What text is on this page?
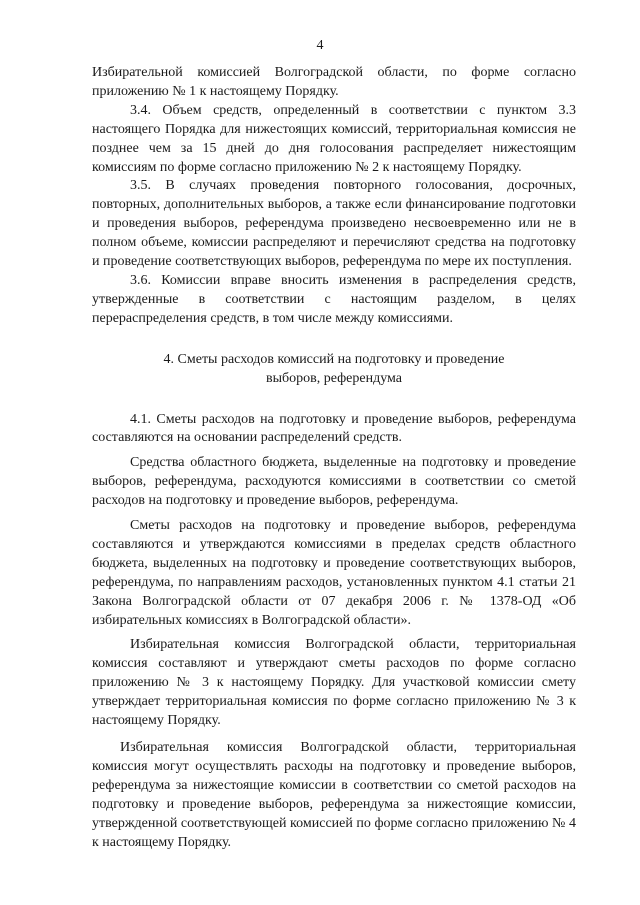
4

Избирательной комиссией Волгоградской области, по форме согласно приложению № 1 к настоящему Порядку.

3.4. Объем средств, определенный в соответствии с пунктом 3.3 настоящего Порядка для нижестоящих комиссий, территориальная комиссия не позднее чем за 15 дней до дня голосования распределяет нижестоящим комиссиям по форме согласно приложению № 2 к настоящему Порядку.

3.5. В случаях проведения повторного голосования, досрочных, повторных, дополнительных выборов, а также если финансирование подготовки и проведения выборов, референдума произведено несвоевременно или не в полном объеме, комиссии распределяют и перечисляют средства на подготовку и проведение соответствующих выборов, референдума по мере их поступления.

3.6. Комиссии вправе вносить изменения в распределения средств, утвержденные в соответствии с настоящим разделом, в целях перераспределения средств, в том числе между комиссиями.

4. Сметы расходов комиссий на подготовку и проведение
выборов, референдума

4.1. Сметы расходов на подготовку и проведение выборов, референдума составляются на основании распределений средств.

Средства областного бюджета, выделенные на подготовку и проведение выборов, референдума, расходуются комиссиями в соответствии со сметой расходов на подготовку и проведение выборов, референдума.

Сметы расходов на подготовку и проведение выборов, референдума составляются и утверждаются комиссиями в пределах средств областного бюджета, выделенных на подготовку и проведение соответствующих выборов, референдума, по направлениям расходов, установленных пунктом 4.1 статьи 21 Закона Волгоградской области от 07 декабря 2006 г. № 1378-ОД «Об избирательных комиссиях в Волгоградской области».

Избирательная комиссия Волгоградской области, территориальная комиссия составляют и утверждают сметы расходов по форме согласно приложению № 3 к настоящему Порядку. Для участковой комиссии смету утверждает территориальная комиссия по форме согласно приложению № 3 к настоящему Порядку.

Избирательная комиссия Волгоградской области, территориальная комиссия могут осуществлять расходы на подготовку и проведение выборов, референдума за нижестоящие комиссии в соответствии со сметой расходов на подготовку и проведение выборов, референдума за нижестоящие комиссии, утвержденной соответствующей комиссией по форме согласно приложению № 4 к настоящему Порядку.
